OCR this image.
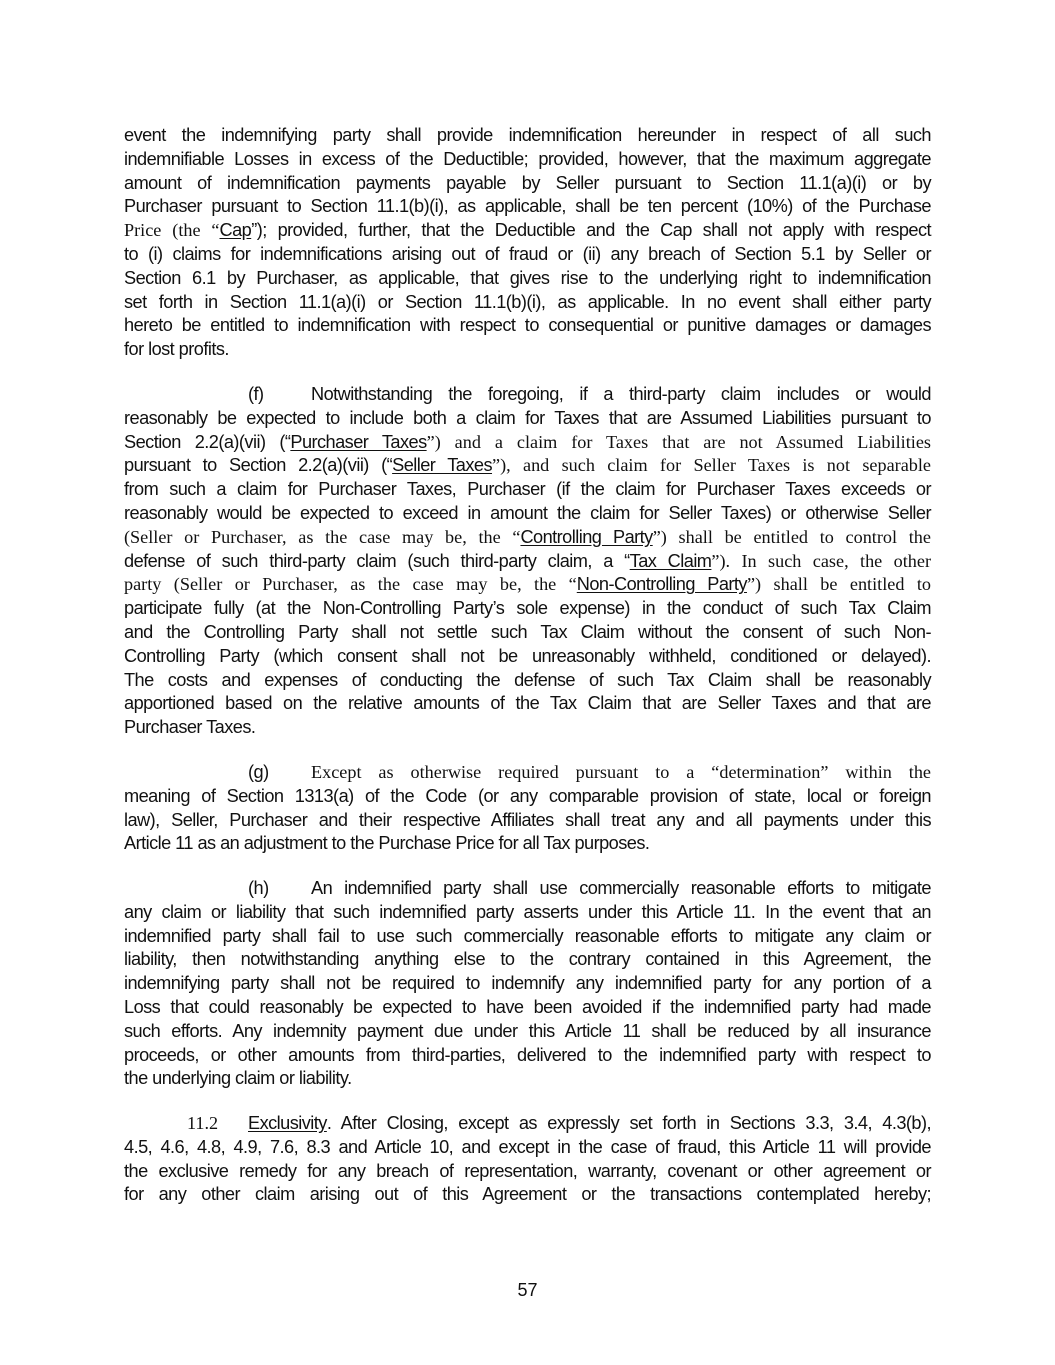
event the indemnifying party shall provide indemnification hereunder in respect of all such
indemnifiable Losses in excess of the Deductible; provided, however, that the maximum aggregate
amount of indemnification payments payable by Seller pursuant to Section 11.1(a)(i) or by
Purchaser pursuant to Section 11.1(b)(i), as applicable, shall be ten percent (10%) of the Purchase
Price (the “Cap”); provided, further, that the Deductible and the Cap shall not apply with respect
to (i) claims for indemnifications arising out of fraud or (ii) any breach of Section 5.1 by Seller or
Section 6.1 by Purchaser, as applicable, that gives rise to the underlying right to indemnification
set forth in Section 11.1(a)(i) or Section 11.1(b)(i), as applicable. In no event shall either party
hereto be entitled to indemnification with respect to consequential or punitive damages or damages
for lost profits.
(f)	Notwithstanding the foregoing, if a third-party claim includes or would
reasonably be expected to include both a claim for Taxes that are Assumed Liabilities pursuant to
Section 2.2(a)(vii) (“Purchaser Taxes”) and a claim for Taxes that are not Assumed Liabilities
pursuant to Section 2.2(a)(vii) (“Seller Taxes”), and such claim for Seller Taxes is not separable
from such a claim for Purchaser Taxes, Purchaser (if the claim for Purchaser Taxes exceeds or
reasonably would be expected to exceed in amount the claim for Seller Taxes) or otherwise Seller
(Seller or Purchaser, as the case may be, the “Controlling Party”) shall be entitled to control the
defense of such third-party claim (such third-party claim, a “Tax Claim”). In such case, the other
party (Seller or Purchaser, as the case may be, the “Non-Controlling Party”) shall be entitled to
participate fully (at the Non-Controlling Party’s sole expense) in the conduct of such Tax Claim
and the Controlling Party shall not settle such Tax Claim without the consent of such Non-
Controlling Party (which consent shall not be unreasonably withheld, conditioned or delayed).
The costs and expenses of conducting the defense of such Tax Claim shall be reasonably
apportioned based on the relative amounts of the Tax Claim that are Seller Taxes and that are
Purchaser Taxes.
(g)	Except as otherwise required pursuant to a “determination” within the
meaning of Section 1313(a) of the Code (or any comparable provision of state, local or foreign
law), Seller, Purchaser and their respective Affiliates shall treat any and all payments under this
Article 11 as an adjustment to the Purchase Price for all Tax purposes.
(h)	An indemnified party shall use commercially reasonable efforts to mitigate
any claim or liability that such indemnified party asserts under this Article 11. In the event that an
indemnified party shall fail to use such commercially reasonable efforts to mitigate any claim or
liability, then notwithstanding anything else to the contrary contained in this Agreement, the
indemnifying party shall not be required to indemnify any indemnified party for any portion of a
Loss that could reasonably be expected to have been avoided if the indemnified party had made
such efforts. Any indemnity payment due under this Article 11 shall be reduced by all insurance
proceeds, or other amounts from third-parties, delivered to the indemnified party with respect to
the underlying claim or liability.
11.2	Exclusivity . After Closing, except as expressly set forth in Sections 3.3, 3.4, 4.3(b),
4.5, 4.6, 4.8, 4.9, 7.6, 8.3 and Article 10, and except in the case of fraud, this Article 11 will provide
the exclusive remedy for any breach of representation, warranty, covenant or other agreement or
for any other claim arising out of this Agreement or the transactions contemplated hereby;
57
